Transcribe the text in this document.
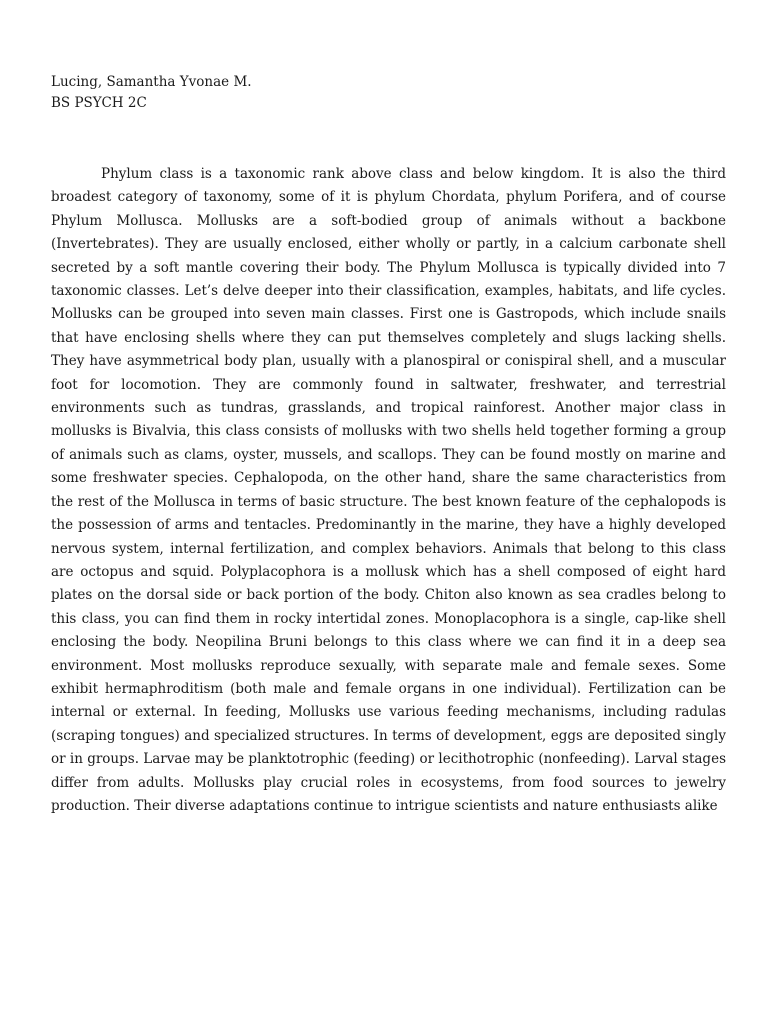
Lucing, Samantha Yvonae M.
BS PSYCH 2C

Phylum class is a taxonomic rank above class and below kingdom. It is also the third broadest category of taxonomy, some of it is phylum Chordata, phylum Porifera, and of course Phylum Mollusca. Mollusks are a soft-bodied group of animals without a backbone (Invertebrates). They are usually enclosed, either wholly or partly, in a calcium carbonate shell secreted by a soft mantle covering their body. The Phylum Mollusca is typically divided into 7 taxonomic classes. Let’s delve deeper into their classification, examples, habitats, and life cycles. Mollusks can be grouped into seven main classes. First one is Gastropods, which include snails that have enclosing shells where they can put themselves completely and slugs lacking shells. They have asymmetrical body plan, usually with a planospiral or conispiral shell, and a muscular foot for locomotion. They are commonly found in saltwater, freshwater, and terrestrial environments such as tundras, grasslands, and tropical rainforest. Another major class in mollusks is Bivalvia, this class consists of mollusks with two shells held together forming a group of animals such as clams, oyster, mussels, and scallops. They can be found mostly on marine and some freshwater species. Cephalopoda, on the other hand, share the same characteristics from the rest of the Mollusca in terms of basic structure. The best known feature of the cephalopods is the possession of arms and tentacles. Predominantly in the marine, they have a highly developed nervous system, internal fertilization, and complex behaviors. Animals that belong to this class are octopus and squid. Polyplacophora is a mollusk which has a shell composed of eight hard plates on the dorsal side or back portion of the body. Chiton also known as sea cradles belong to this class, you can find them in rocky intertidal zones. Monoplacophora is a single, cap-like shell enclosing the body. Neopilina Bruni belongs to this class where we can find it in a deep sea environment. Most mollusks reproduce sexually, with separate male and female sexes. Some exhibit hermaphroditism (both male and female organs in one individual). Fertilization can be internal or external. In feeding, Mollusks use various feeding mechanisms, including radulas (scraping tongues) and specialized structures. In terms of development, eggs are deposited singly or in groups. Larvae may be planktotrophic (feeding) or lecithotrophic (nonfeeding). Larval stages differ from adults. Mollusks play crucial roles in ecosystems, from food sources to jewelry production. Their diverse adaptations continue to intrigue scientists and nature enthusiasts alike
